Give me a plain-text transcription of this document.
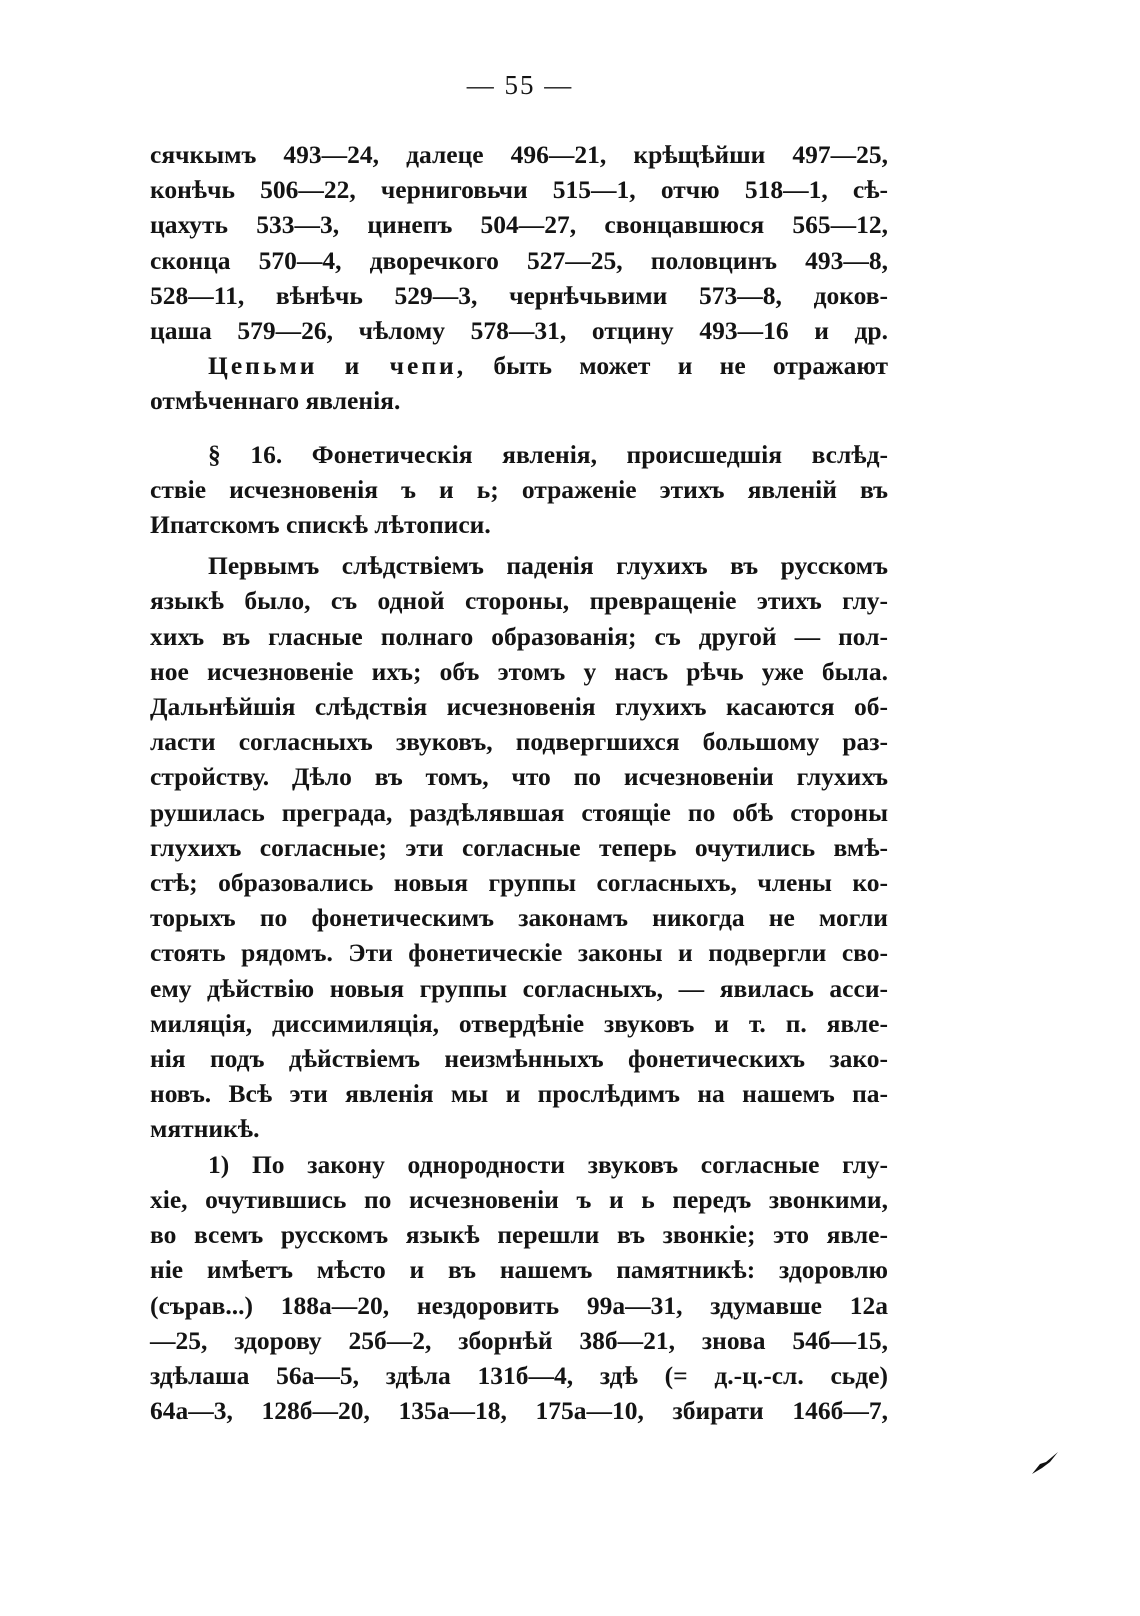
— 55 —
сячкымъ 493—24, далеце 496—21, крѣщѣйши 497—25,
конѣчь 506—22, черниговьчи 515—1, отчю 518—1, сѣ-
цахуть 533—3, цинепъ 504—27, свонцавшюся 565—12,
сконца 570—4, дворечкого 527—25, половцинъ 493—8,
528—11, вѣнѣчь 529—3, чернѣчьвими 573—8, доков-
цаша 579—26, чѣлому 578—31, отцину 493—16 и др.
Цепьми и чепи, быть может и не отражают
отмѣченнаго явленія.
§ 16. Фонетическія явленія, происшедшія вслѣд-
ствіе исчезновенія ъ и ь; отраженіе этихъ явленій въ
Ипатскомъ спискѣ лѣтописи.
Первымъ слѣдствіемъ паденія глухихъ въ русскомъ
языкѣ было, съ одной стороны, превращеніе этихъ глу-
хихъ въ гласные полнаго образованія; съ другой — пол-
ное исчезновеніе ихъ; объ этомъ у насъ рѣчь уже была.
Дальнѣйшія слѣдствія исчезновенія глухихъ касаются об-
ласти согласныхъ звуковъ, подвергшихся большому раз-
стройству. Дѣло въ томъ, что по исчезновеніи глухихъ
рушилась преграда, раздѣлявшая стоящіе по обѣ стороны
глухихъ согласные; эти согласные теперь очутились вмѣ-
стѣ; образовались новыя группы согласныхъ, члены ко-
торыхъ по фонетическимъ законамъ никогда не могли
стоять рядомъ. Эти фонетическіе законы и подвергли сво-
ему дѣйствію новыя группы согласныхъ, — явилась асси-
миляція, диссимиляція, отвердѣніе звуковъ и т. п. явле-
нія подъ дѣйствіемъ неизмѣнныхъ фонетическихъ зако-
новъ. Всѣ эти явленія мы и прослѣдимъ на нашемъ па-
мятникѣ.
1) По закону однородности звуковъ согласные глу-
хіе, очутившись по исчезновеніи ъ и ь передъ звонкими,
во всемъ русскомъ языкѣ перешли въ звонкіе; это явле-
ніе имѣетъ мѣсто и въ нашемъ памятникѣ: здоровлю
(сърав...) 188а—20, нездоровить 99а—31, здумавше 12а
—25, здорову 25б—2, зборнѣй 38б—21, знова 54б—15,
здѣлаша 56а—5, здѣла 131б—4, здѣ (= д.-ц.-сл. сьде)
64а—3, 128б—20, 135а—18, 175а—10, збирати 146б—7,
